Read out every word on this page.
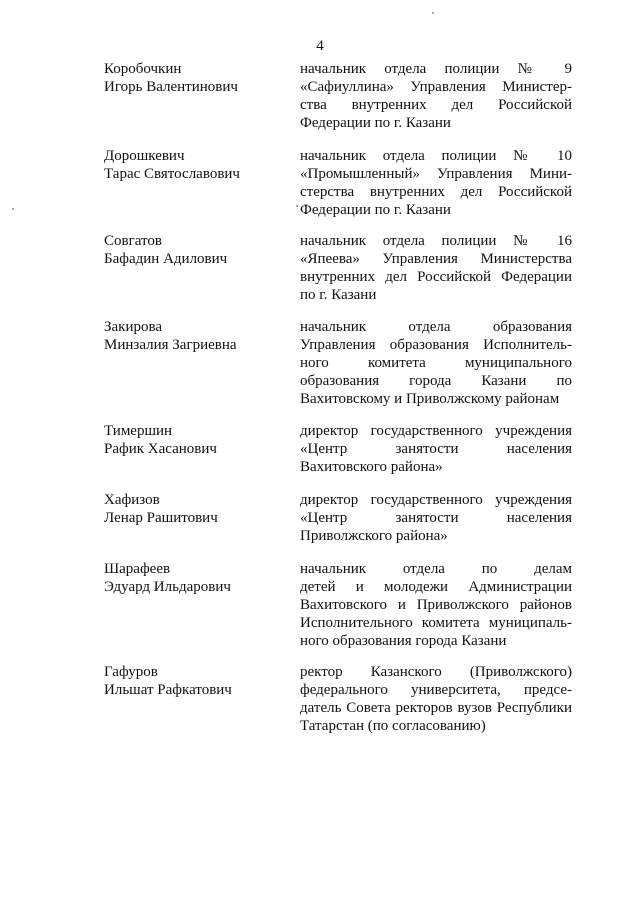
4
Коробочкин
Игорь Валентинович
начальник отдела полиции № 9
«Сафиуллина» Управления Министер-
ства внутренних дел Российской
Федерации по г. Казани
Дорошкевич
Тарас Святославович
начальник отдела полиции № 10
«Промышленный» Управления Мини-
стерства внутренних дел Российской
Федерации по г. Казани
Совгатов
Бафадин Адилович
начальник отдела полиции № 16
«Япеева» Управления Министерства
внутренних дел Российской Федерации
по г. Казани
Закирова
Минзалия Загриевна
начальник отдела образования
Управления образования Исполнитель-
ного комитета муниципального
образования города Казани по
Вахитовскому и Приволжскому районам
Тимершин
Рафик Хасанович
директор государственного учреждения
«Центр занятости населения
Вахитовского района»
Хафизов
Ленар Рашитович
директор государственного учреждения
«Центр занятости населения
Приволжского района»
Шарафеев
Эдуард Ильдарович
начальник отдела по делам
детей и молодежи Администрации
Вахитовского и Приволжского районов
Исполнительного комитета муниципаль-
ного образования города Казани
Гафуров
Ильшат Рафкатович
ректор Казанского (Приволжского)
федерального университета, предсе-
датель Совета ректоров вузов Республики
Татарстан (по согласованию)
